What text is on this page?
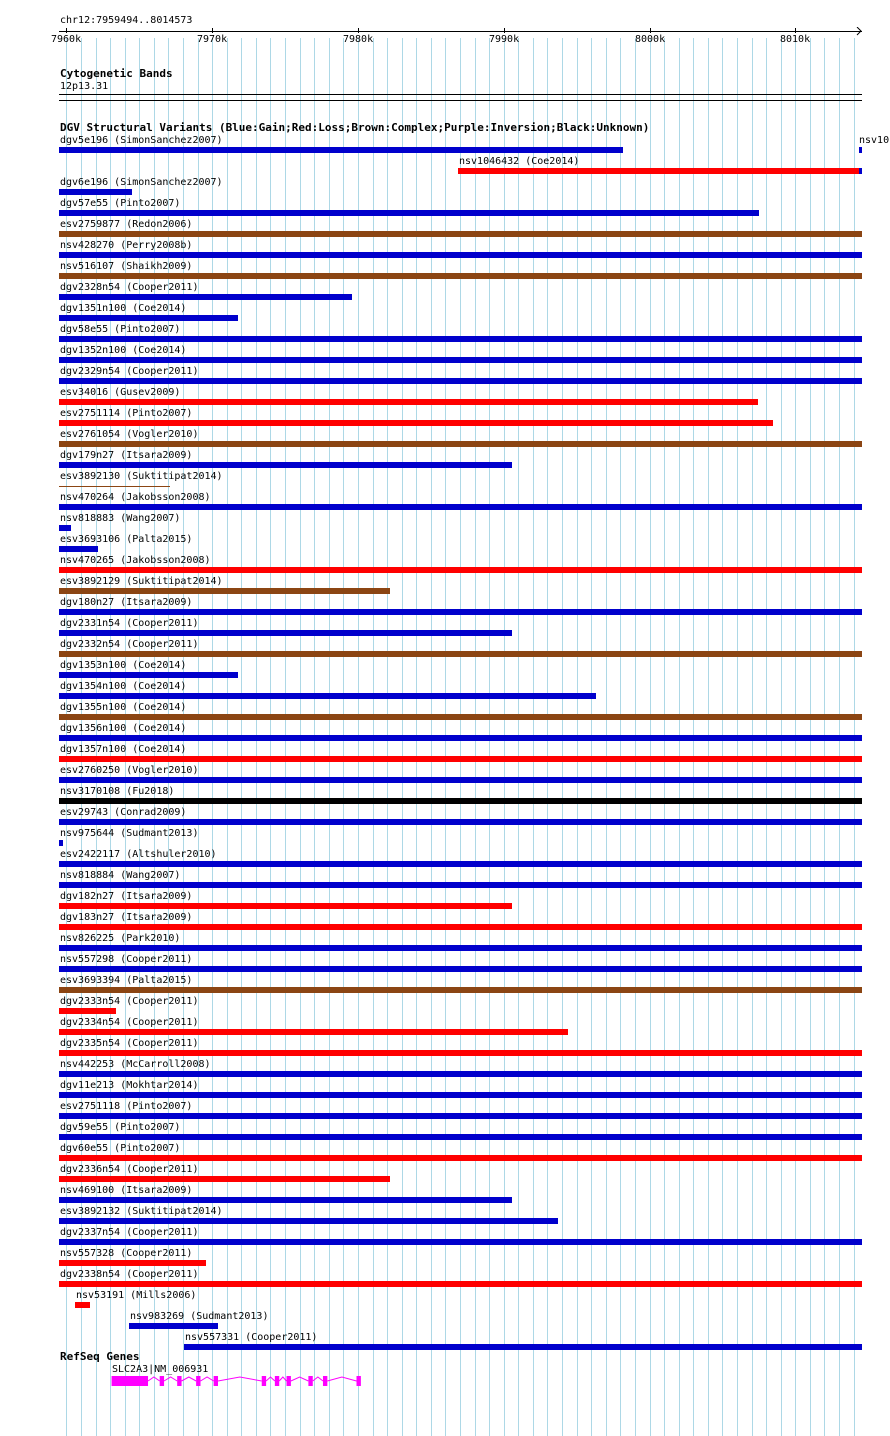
chr12:7959494..8014573
7960k	7970k	7980k	7990k	8000k	8010k
Cytogenetic Bands
12p13.31
DGV Structural Variants (Blue:Gain;Red:Loss;Brown:Complex;Purple:Inversion;Black:Unknown)
dgv5e196 (SimonSanchez2007)
nsv1046432 (Coe2014)
dgv6e196 (SimonSanchez2007)
dgv57e55 (Pinto2007)
esv2759877 (Redon2006)
nsv428270 (Perry2008b)
nsv516107 (Shaikh2009)
dgv2328n54 (Cooper2011)
dgv1351n100 (Coe2014)
dgv58e55 (Pinto2007)
dgv1352n100 (Coe2014)
dgv2329n54 (Cooper2011)
esv34016 (Gusev2009)
esv2751114 (Pinto2007)
esv2761054 (Vogler2010)
dgv179n27 (Itsara2009)
esv3892130 (Suktitipat2014)
nsv470264 (Jakobsson2008)
nsv818883 (Wang2007)
esv3693106 (Palta2015)
nsv470265 (Jakobsson2008)
esv3892129 (Suktitipat2014)
dgv180n27 (Itsara2009)
dgv2331n54 (Cooper2011)
dgv2332n54 (Cooper2011)
dgv1353n100 (Coe2014)
dgv1354n100 (Coe2014)
dgv1355n100 (Coe2014)
dgv1356n100 (Coe2014)
dgv1357n100 (Coe2014)
esv2760250 (Vogler2010)
nsv3170108 (Fu2018)
esv29743 (Conrad2009)
nsv975644 (Sudmant2013)
esv2422117 (Altshuler2010)
nsv818884 (Wang2007)
dgv182n27 (Itsara2009)
dgv183n27 (Itsara2009)
nsv826225 (Park2010)
nsv557298 (Cooper2011)
esv3693394 (Palta2015)
dgv2333n54 (Cooper2011)
dgv2334n54 (Cooper2011)
dgv2335n54 (Cooper2011)
nsv442253 (McCarroll2008)
dgv11e213 (Mokhtar2014)
esv2751118 (Pinto2007)
dgv59e55 (Pinto2007)
dgv60e55 (Pinto2007)
dgv2336n54 (Cooper2011)
nsv469100 (Itsara2009)
esv3892132 (Suktitipat2014)
dgv2337n54 (Cooper2011)
nsv557328 (Cooper2011)
dgv2338n54 (Cooper2011)
nsv53191 (Mills2006)
nsv983269 (Sudmant2013)
nsv557331 (Cooper2011)
nsv10
RefSeq Genes
SLC2A3|NM_006931
